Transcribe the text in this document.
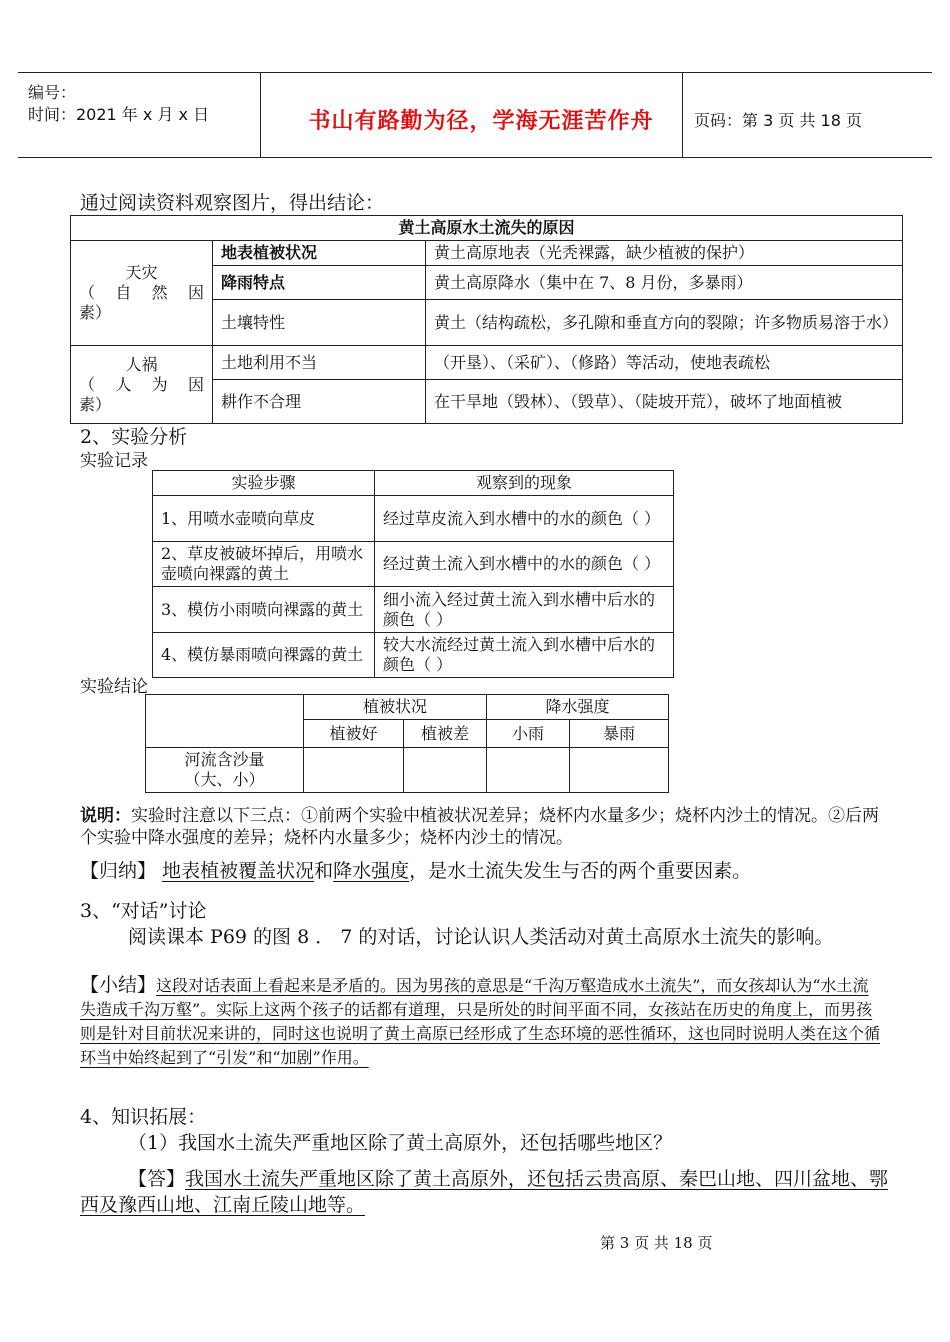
编号：
时间：2021 年 x 月 x 日	书山有路勤为径，学海无涯苦作舟	页码：第 3 页 共 18 页
通过阅读资料观察图片，得出结论：
黄土高原水土流失的原因		

天灾
（ 自 然 因
素）	地表植被状况	黄土高原地表（光秃裸露，缺少植被的保护）
	降雨特点	黄土高原降水（集中在 7、8 月份，多暴雨）
	土壤特性	黄土（结构疏松，多孔隙和垂直方向的裂隙；许多物质易溶于水）

人祸
（ 人 为 因
素）	土地利用不当	（开垦）、（采矿）、（修路）等活动，使地表疏松
	耕作不合理	在干旱地（毁林）、（毁草）、（陡坡开荒），破坏了地面植被
2、实验分析
实验记录
实验步骤	观察到的现象
1、用喷水壶喷向草皮	经过草皮流入到水槽中的水的颜色（ ）
2、草皮被破坏掉后，用喷水壶喷向裸露的黄土	经过黄土流入到水槽中的水的颜色（ ）
3、模仿小雨喷向裸露的黄土	细小流入经过黄土流入到水槽中后水的颜色（ ）
4、模仿暴雨喷向裸露的黄土	较大水流经过黄土流入到水槽中后水的颜色（ ）
实验结论
	植被状况		降水强度	
	植被好	植被差	小雨	暴雨

河流含沙量
（大、小）				

说明：实验时注意以下三点：①前两个实验中植被状况差异；烧杯内水量多少；烧杯内沙土的情况。②后两个实验中降水强度的差异；烧杯内水量多少；烧杯内沙土的情况。
【归纳】 地表植被覆盖状况和降水强度，是水土流失发生与否的两个重要因素。
3、“对话”讨论
阅读课本 P69 的图 8 ． 7 的对话，讨论认识人类活动对黄土高原水土流失的影响。
【小结】这段对话表面上看起来是矛盾的。因为男孩的意思是“千沟万壑造成水土流失”，而女孩却认为“水土流失造成千沟万壑”。实际上这两个孩子的话都有道理，只是所处的时间平面不同，女孩站在历史的角度上，而男孩则是针对目前状况来讲的，同时这也说明了黄土高原已经形成了生态环境的恶性循环，这也同时说明人类在这个循环当中始终起到了“引发”和“加剧”作用。
4、知识拓展：
（1）我国水土流失严重地区除了黄土高原外，还包括哪些地区？
【答】我国水土流失严重地区除了黄土高原外，还包括云贵高原、秦巴山地、四川盆地、鄂西及豫西山地、江南丘陵山地等。
第 3 页 共 18 页
